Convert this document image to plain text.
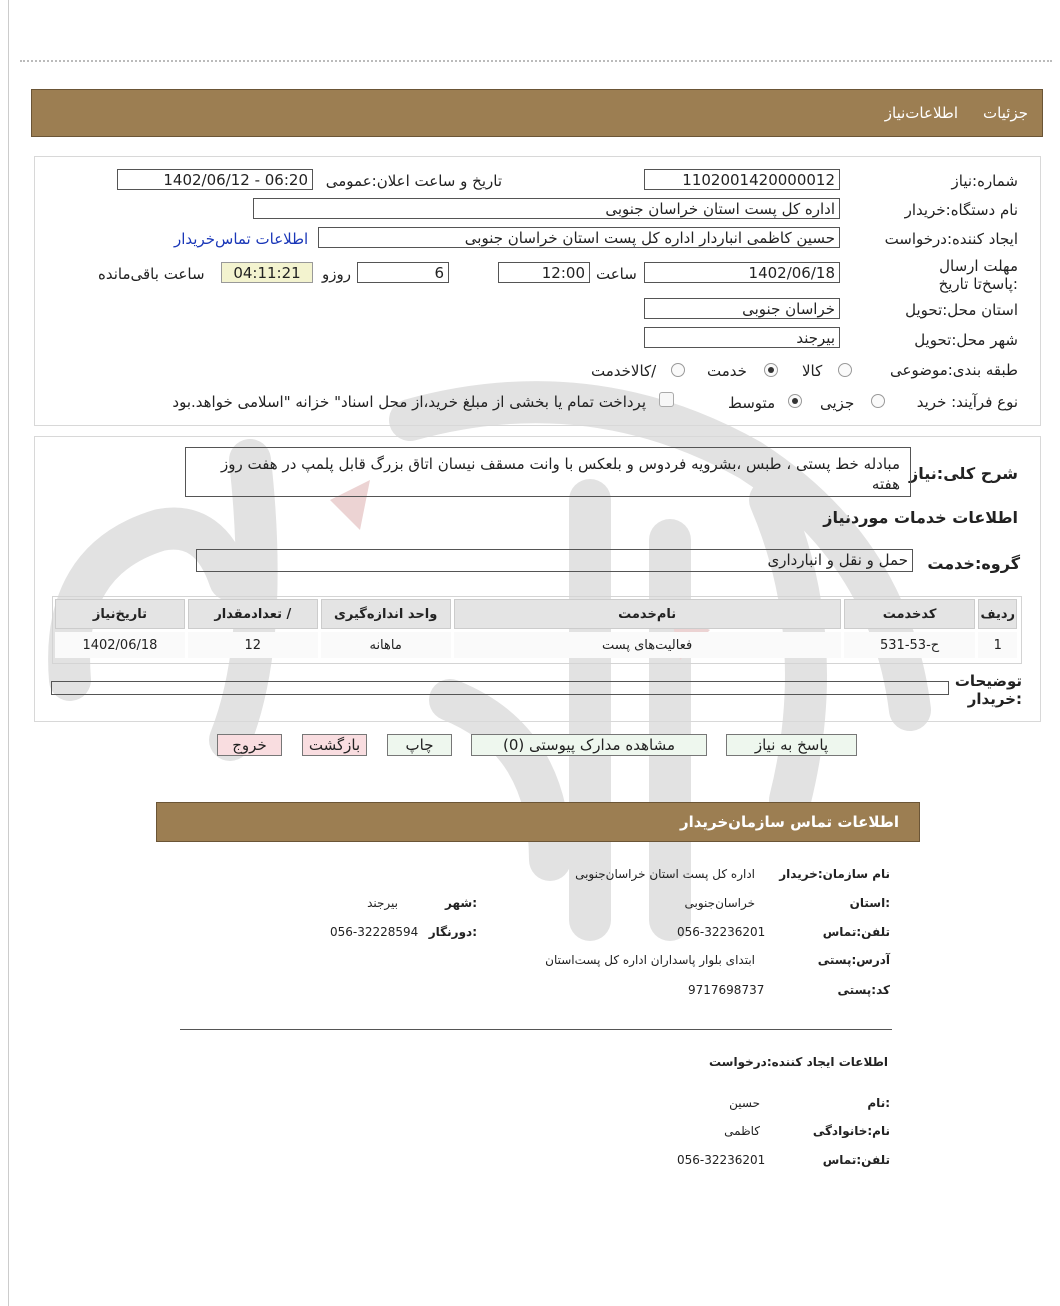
جزئیات
اطلاعات‌نیاز
شماره:نیاز
1102001420000012
تاریخ و ساعت اعلان:عمومی
1402/06/12 - 06:20
نام دستگاه:خریدار
اداره کل پست استان خراسان جنوبی
ایجاد کننده:درخواست
حسین کاظمی انباردار اداره کل پست استان خراسان جنوبی
اطلاعات تماس‌خریدار
مهلت ارسال :پاسخ‌تا تاریخ
1402/06/18
ساعت
12:00
6
روزو
04:11:21
ساعت باقی‌مانده
استان محل:تحویل
خراسان جنوبی
شهر محل:تحویل
بیرجند
طبقه بندی:موضوعی
کالا
خدمت
/کالاخدمت
نوع فرآیند: خرید
جزیی
متوسط
پرداخت تمام یا بخشی از مبلغ خرید،از محل اسناد" خزانه "اسلامی خواهد.بود
شرح کلی:نیاز
مبادله خط پستی ، طبس ،بشرویه فردوس و بلعکس با وانت مسقف نیسان اتاق بزرگ قابل پلمپ در هفت روز هفته
اطلاعات خدمات موردنیاز
گروه:خدمت
حمل و نقل و انبارداری
ردیف	کدخدمت	نام‌خدمت	واحد اندازه‌گیری	/ تعدادمقدار	تاریخ‌نیاز
1	ح-53-531	فعالیت‌های پست	ماهانه	12	1402/06/18
توضیحات :خریدار
پاسخ به نیاز
مشاهده مدارک پیوستی (0)
چاپ
بازگشت
خروج
اطلاعات تماس سازمان‌خریدار
نام سازمان:خریدار
اداره کل پست استان خراسان‌جنوبی
:استان
خراسان‌جنوبی
:شهر
بیرجند
تلفن:تماس
056-32236201
:دورنگار
056-32228594
آدرس:پستی
ابتدای بلوار پاسداران اداره کل پست‌استان
کد:پستی
9717698737
اطلاعات ایجاد کننده:درخواست
:نام
حسین
نام:خانوادگی
کاظمی
تلفن:تماس
056-32236201
